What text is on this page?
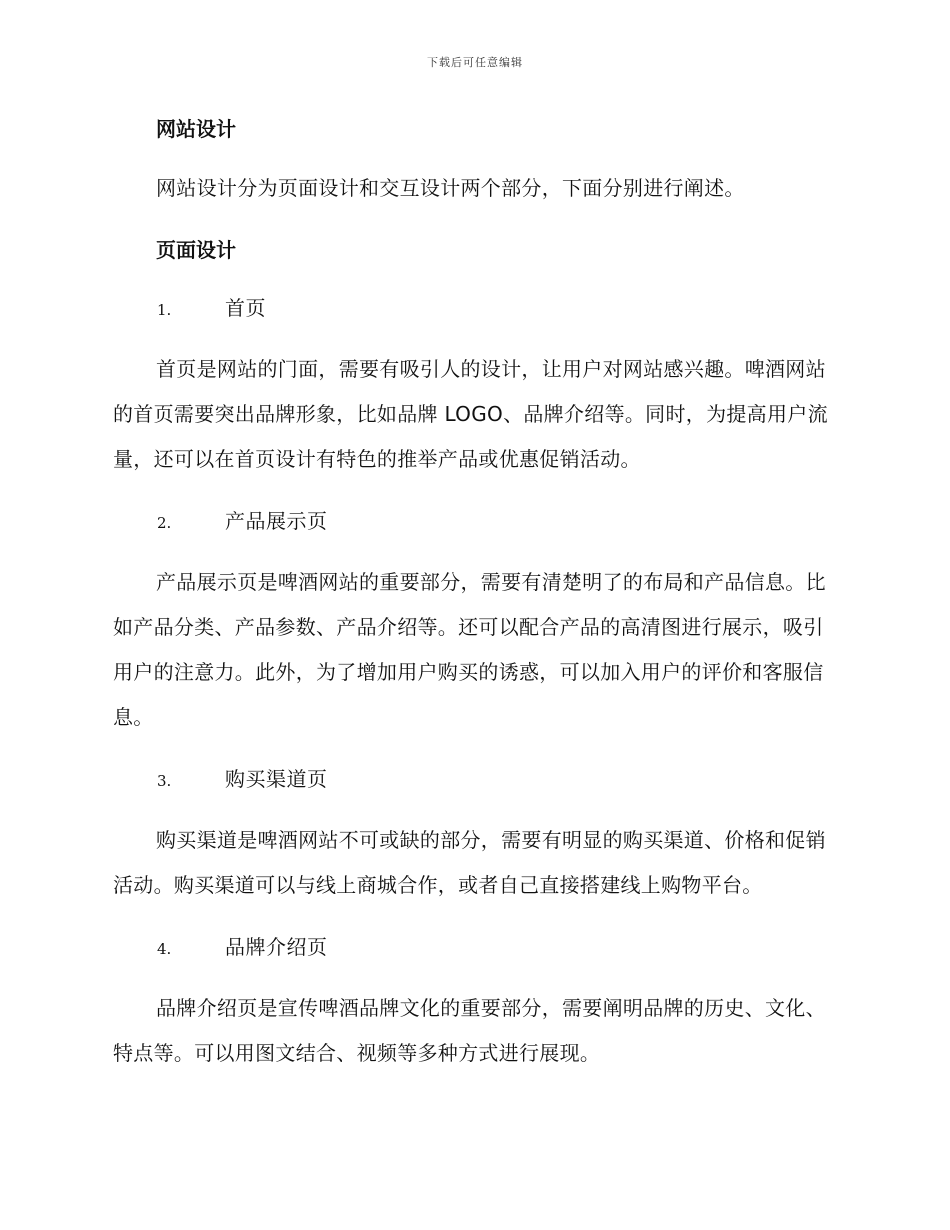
下载后可任意编辑
网站设计

网站设计分为页面设计和交互设计两个部分，下面分别进行阐述。

页面设计
1.	首页

首页是网站的门面，需要有吸引人的设计，让用户对网站感兴趣。啤酒网站的首页需要突出品牌形象，比如品牌 LOGO、品牌介绍等。同时，为提高用户流量，还可以在首页设计有特色的推举产品或优惠促销活动。

2.	产品展示页

产品展示页是啤酒网站的重要部分，需要有清楚明了的布局和产品信息。比如产品分类、产品参数、产品介绍等。还可以配合产品的高清图进行展示，吸引用户的注意力。此外，为了增加用户购买的诱惑，可以加入用户的评价和客服信息。

3.	购买渠道页

购买渠道是啤酒网站不可或缺的部分，需要有明显的购买渠道、价格和促销活动。购买渠道可以与线上商城合作，或者自己直接搭建线上购物平台。

4.	品牌介绍页

品牌介绍页是宣传啤酒品牌文化的重要部分，需要阐明品牌的历史、文化、特点等。可以用图文结合、视频等多种方式进行展现。
